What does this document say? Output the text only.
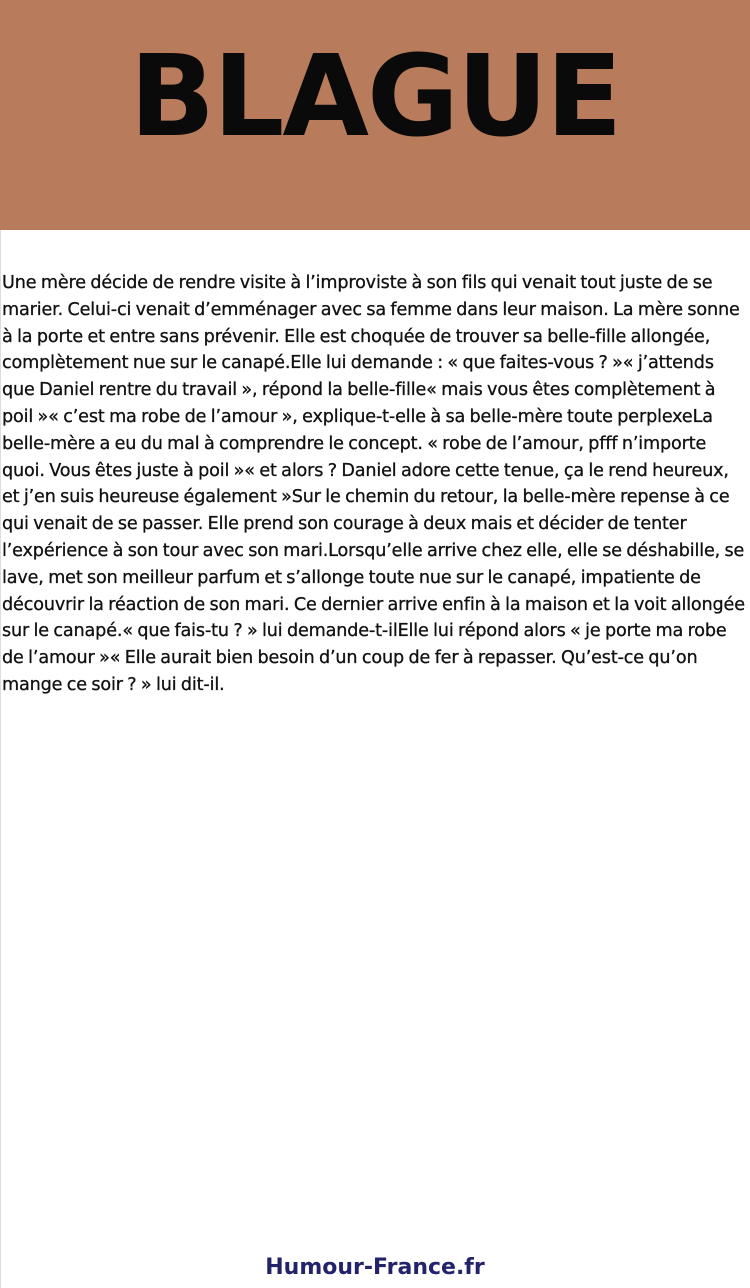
BLAGUE
Une mère décide de rendre visite à l’improviste à son fils qui venait tout juste de se marier. Celui-ci venait d’emménager avec sa femme dans leur maison. La mère sonne à la porte et entre sans prévenir. Elle est choquée de trouver sa belle-fille allongée, complètement nue sur le canapé.Elle lui demande : « que faites-vous ? »« j’attends que Daniel rentre du travail », répond la belle-fille« mais vous êtes complètement à poil »« c’est ma robe de l’amour », explique-t-elle à sa belle-mère toute perplexeLa belle-mère a eu du mal à comprendre le concept. « robe de l’amour, pfff n’importe quoi. Vous êtes juste à poil »« et alors ? Daniel adore cette tenue, ça le rend heureux, et j’en suis heureuse également »Sur le chemin du retour, la belle-mère repense à ce qui venait de se passer. Elle prend son courage à deux mais et décider de tenter l’expérience à son tour avec son mari.Lorsqu’elle arrive chez elle, elle se déshabille, se lave, met son meilleur parfum et s’allonge toute nue sur le canapé, impatiente de découvrir la réaction de son mari. Ce dernier arrive enfin à la maison et la voit allongée sur le canapé.« que fais-tu ? » lui demande-t-ilElle lui répond alors « je porte ma robe de l’amour »« Elle aurait bien besoin d’un coup de fer à repasser. Qu’est-ce qu’on mange ce soir ? » lui dit-il.
Humour-France.fr
